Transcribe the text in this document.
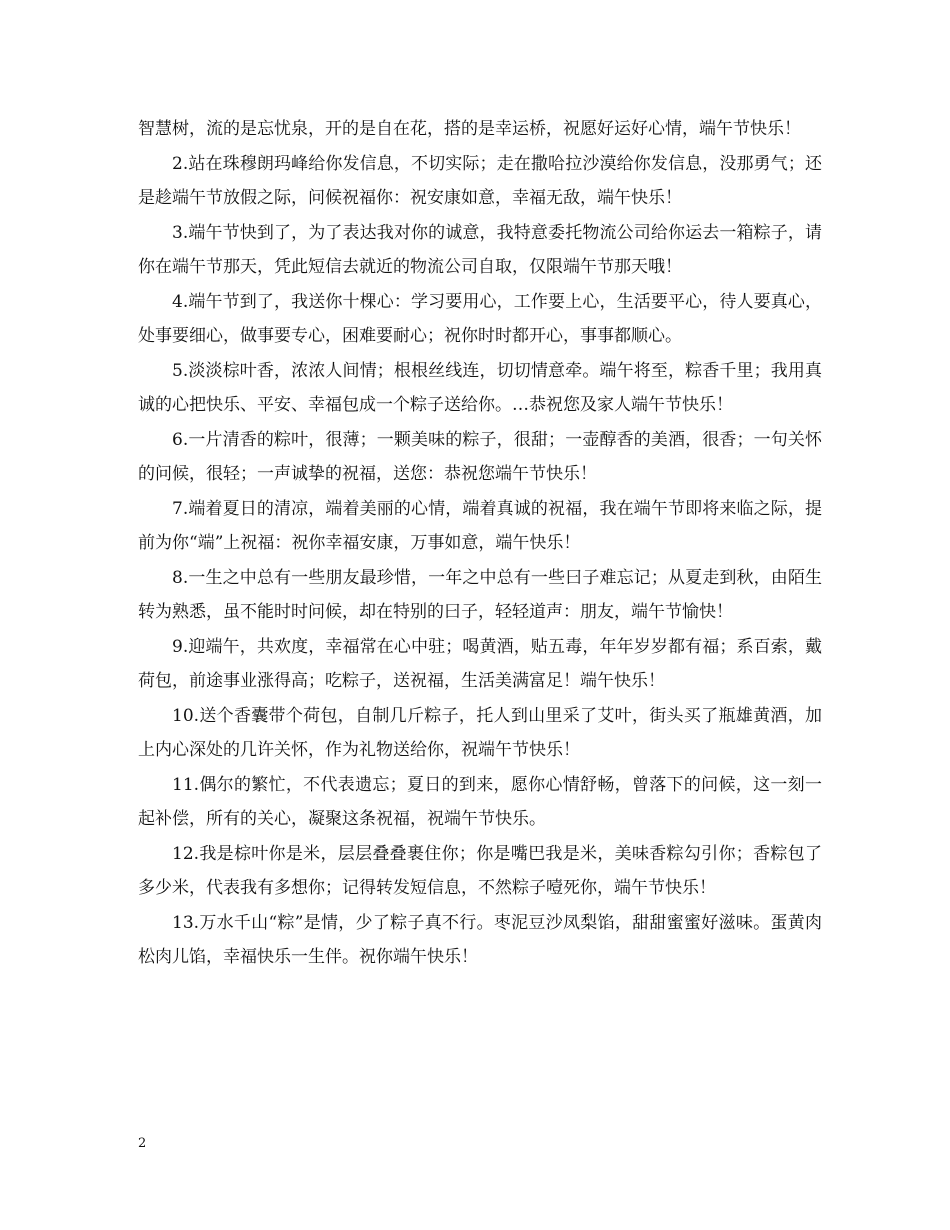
智慧树，流的是忘忧泉，开的是自在花，搭的是幸运桥，祝愿好运好心情，端午节快乐！

2.站在珠穆朗玛峰给你发信息，不切实际；走在撒哈拉沙漠给你发信息，没那勇气；还是趁端午节放假之际，问候祝福你：祝安康如意，幸福无敌，端午快乐！

3.端午节快到了，为了表达我对你的诚意，我特意委托物流公司给你运去一箱粽子，请你在端午节那天，凭此短信去就近的物流公司自取，仅限端午节那天哦！

4.端午节到了，我送你十棵心：学习要用心，工作要上心，生活要平心，待人要真心，处事要细心，做事要专心，困难要耐心；祝你时时都开心，事事都顺心。

5.淡淡棕叶香，浓浓人间情；根根丝线连，切切情意牵。端午将至，粽香千里；我用真诚的心把快乐、平安、幸福包成一个粽子送给你。…恭祝您及家人端午节快乐！

6.一片清香的粽叶，很薄；一颗美味的粽子，很甜；一壶醇香的美酒，很香；一句关怀的问候，很轻；一声诚挚的祝福，送您：恭祝您端午节快乐！

7.端着夏日的清凉，端着美丽的心情，端着真诚的祝福，我在端午节即将来临之际，提前为你“端”上祝福：祝你幸福安康，万事如意，端午快乐！

8.一生之中总有一些朋友最珍惜，一年之中总有一些曰子难忘记；从夏走到秋，由陌生转为熟悉，虽不能时时问候，却在特别的曰子，轻轻道声：朋友，端午节愉快！

9.迎端午，共欢度，幸福常在心中驻；喝黄酒，贴五毒，年年岁岁都有福；系百索，戴荷包，前途事业涨得高；吃粽子，送祝福，生活美满富足！端午快乐！

10.送个香囊带个荷包，自制几斤粽子，托人到山里采了艾叶，街头买了瓶雄黄酒，加上内心深处的几许关怀，作为礼物送给你，祝端午节快乐！

11.偶尔的繁忙，不代表遗忘；夏日的到来，愿你心情舒畅，曾落下的问候，这一刻一起补偿，所有的关心，凝聚这条祝福，祝端午节快乐。

12.我是棕叶你是米，层层叠叠裹住你；你是嘴巴我是米，美味香粽勾引你；香粽包了多少米，代表我有多想你；记得转发短信息，不然粽子噎死你，端午节快乐！

13.万水千山“粽”是情，少了粽子真不行。枣泥豆沙凤梨馅，甜甜蜜蜜好滋味。蛋黄肉松肉儿馅，幸福快乐一生伴。祝你端午快乐！

2
